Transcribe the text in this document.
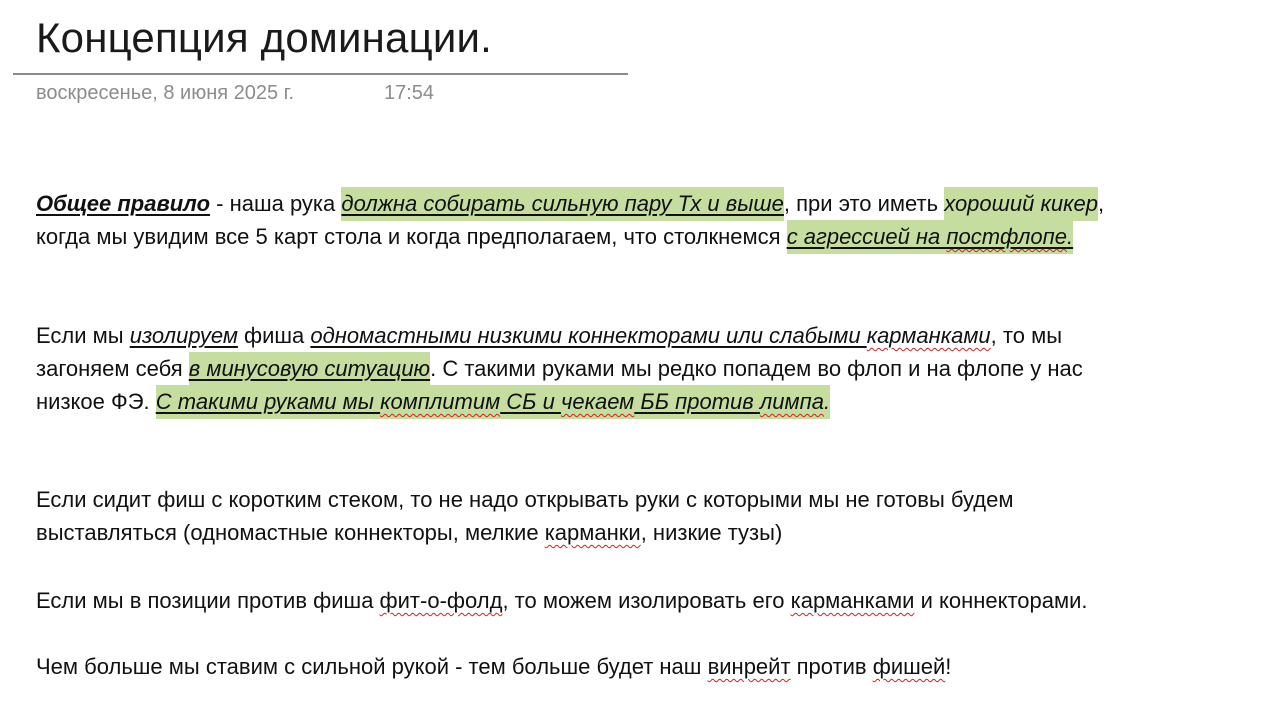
Концепция доминации.
воскресенье, 8 июня 2025 г.	17:54
Общее правило - наша рука должна собирать сильную пару Тх и выше, при это иметь хороший кикер,
когда мы увидим все 5 карт стола и когда предполагаем, что столкнемся с агрессией на постфлопе.
Если мы изолируем фиша одномастными низкими коннекторами или слабыми карманками, то мы
загоняем себя в минусовую ситуацию. С такими руками мы редко попадем во флоп и на флопе у нас
низкое ФЭ. С такими руками мы комплитим СБ и чекаем ББ против лимпа.
Если сидит фиш с коротким стеком, то не надо открывать руки с которыми мы не готовы будем
выставляться (одномастные коннекторы, мелкие карманки, низкие тузы)
Если мы в позиции против фиша фит-о-фолд, то можем изолировать его карманками и коннекторами.
Чем больше мы ставим с сильной рукой - тем больше будет наш винрейт против фишей!
